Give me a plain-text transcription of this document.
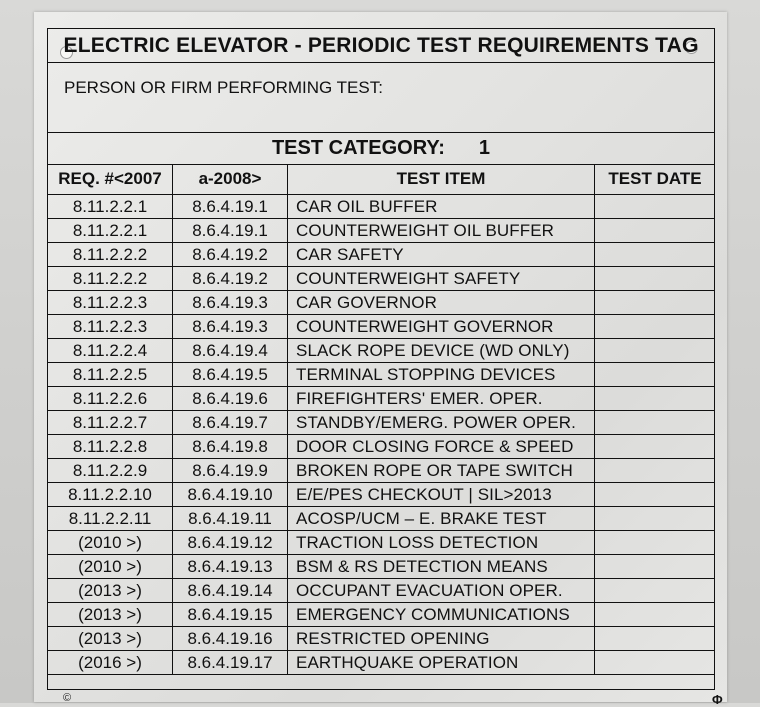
ELECTRIC ELEVATOR - PERIODIC TEST REQUIREMENTS TAG
PERSON OR FIRM PERFORMING TEST:
TEST CATEGORY: 1
REQ. #<2007	a-2008>	TEST ITEM	TEST DATE
8.11.2.2.1	8.6.4.19.1	CAR OIL BUFFER	
8.11.2.2.1	8.6.4.19.1	COUNTERWEIGHT OIL BUFFER	
8.11.2.2.2	8.6.4.19.2	CAR SAFETY	
8.11.2.2.2	8.6.4.19.2	COUNTERWEIGHT SAFETY	
8.11.2.2.3	8.6.4.19.3	CAR GOVERNOR	
8.11.2.2.3	8.6.4.19.3	COUNTERWEIGHT GOVERNOR	
8.11.2.2.4	8.6.4.19.4	SLACK ROPE DEVICE (WD ONLY)	
8.11.2.2.5	8.6.4.19.5	TERMINAL STOPPING DEVICES	
8.11.2.2.6	8.6.4.19.6	FIREFIGHTERS' EMER. OPER.	
8.11.2.2.7	8.6.4.19.7	STANDBY/EMERG. POWER OPER.	
8.11.2.2.8	8.6.4.19.8	DOOR CLOSING FORCE & SPEED	
8.11.2.2.9	8.6.4.19.9	BROKEN ROPE OR TAPE SWITCH	
8.11.2.2.10	8.6.4.19.10	E/E/PES CHECKOUT | SIL>2013	
8.11.2.2.11	8.6.4.19.11	ACOSP/UCM – E. BRAKE TEST	
(2010 >)	8.6.4.19.12	TRACTION LOSS DETECTION	
(2010 >)	8.6.4.19.13	BSM & RS DETECTION MEANS	
(2013 >)	8.6.4.19.14	OCCUPANT EVACUATION OPER.	
(2013 >)	8.6.4.19.15	EMERGENCY COMMUNICATIONS	
(2013 >)	8.6.4.19.16	RESTRICTED OPENING	
(2016 >)	8.6.4.19.17	EARTHQUAKE OPERATION	
©	Φ
